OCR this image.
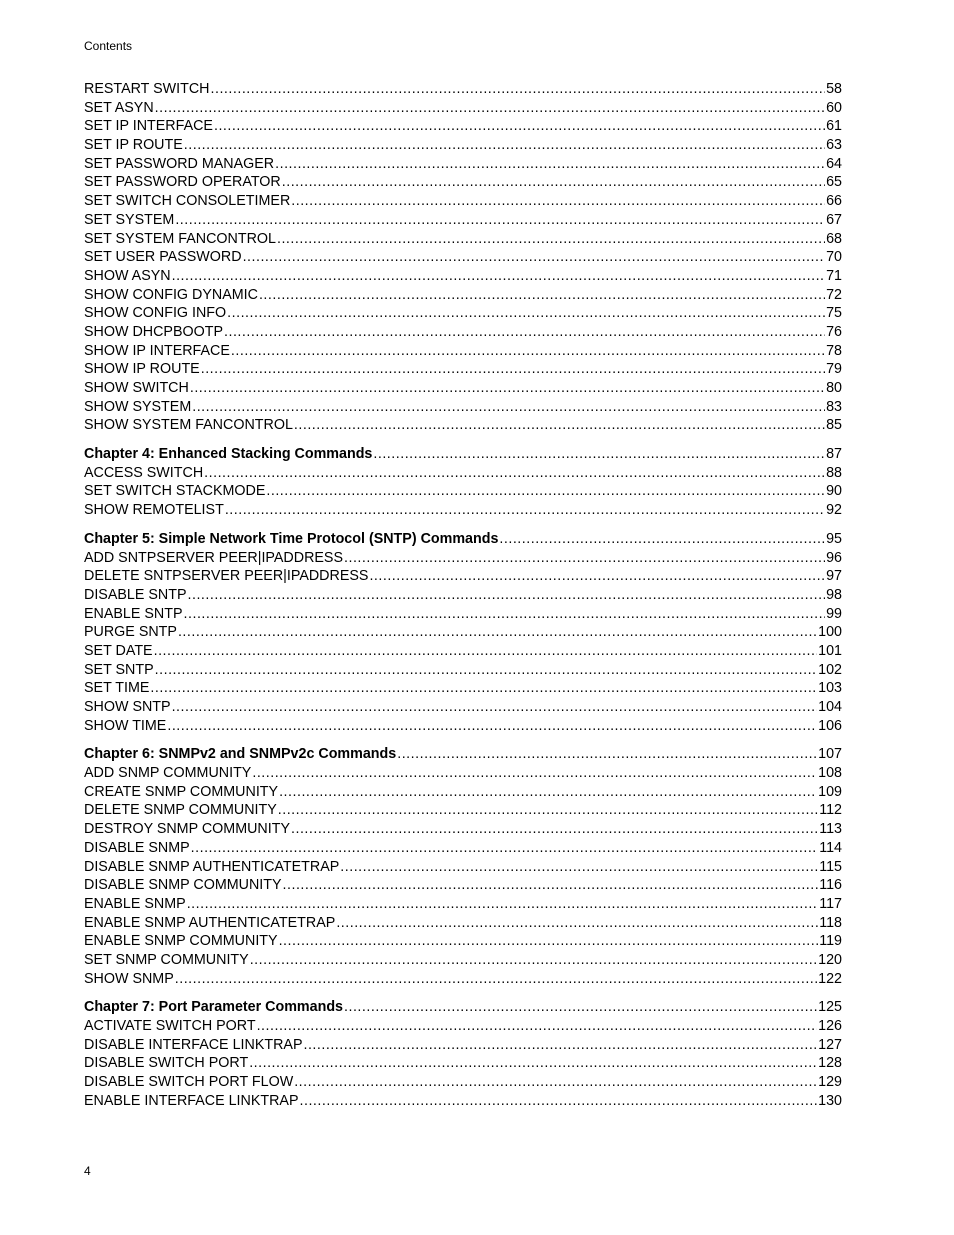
Contents
RESTART SWITCH .....	58
SET ASYN .....	60
SET IP INTERFACE .....	61
SET IP ROUTE .....	63
SET PASSWORD MANAGER .....	64
SET PASSWORD OPERATOR .....	65
SET SWITCH CONSOLETIMER .....	66
SET SYSTEM .....	67
SET SYSTEM FANCONTROL .....	68
SET USER PASSWORD .....	70
SHOW ASYN .....	71
SHOW CONFIG DYNAMIC .....	72
SHOW CONFIG INFO .....	75
SHOW DHCPBOOTP .....	76
SHOW IP INTERFACE .....	78
SHOW IP ROUTE .....	79
SHOW SWITCH .....	80
SHOW SYSTEM .....	83
SHOW SYSTEM FANCONTROL .....	85
Chapter 4: Enhanced Stacking Commands .....	87
ACCESS SWITCH .....	88
SET SWITCH STACKMODE .....	90
SHOW REMOTELIST .....	92
Chapter 5: Simple Network Time Protocol (SNTP) Commands .....	95
ADD SNTPSERVER PEER|IPADDRESS .....	96
DELETE SNTPSERVER PEER|IPADDRESS .....	97
DISABLE SNTP .....	98
ENABLE SNTP .....	99
PURGE SNTP .....	100
SET DATE .....	101
SET SNTP .....	102
SET TIME .....	103
SHOW SNTP .....	104
SHOW TIME .....	106
Chapter 6: SNMPv2 and SNMPv2c Commands .....	107
ADD SNMP COMMUNITY .....	108
CREATE SNMP COMMUNITY .....	109
DELETE SNMP COMMUNITY .....	112
DESTROY SNMP COMMUNITY .....	113
DISABLE SNMP .....	114
DISABLE SNMP AUTHENTICATETRAP .....	115
DISABLE SNMP COMMUNITY .....	116
ENABLE SNMP .....	117
ENABLE SNMP AUTHENTICATETRAP .....	118
ENABLE SNMP COMMUNITY .....	119
SET SNMP COMMUNITY .....	120
SHOW SNMP .....	122
Chapter 7: Port Parameter Commands .....	125
ACTIVATE SWITCH PORT .....	126
DISABLE INTERFACE LINKTRAP .....	127
DISABLE SWITCH PORT .....	128
DISABLE SWITCH PORT FLOW .....	129
ENABLE INTERFACE LINKTRAP .....	130
4
